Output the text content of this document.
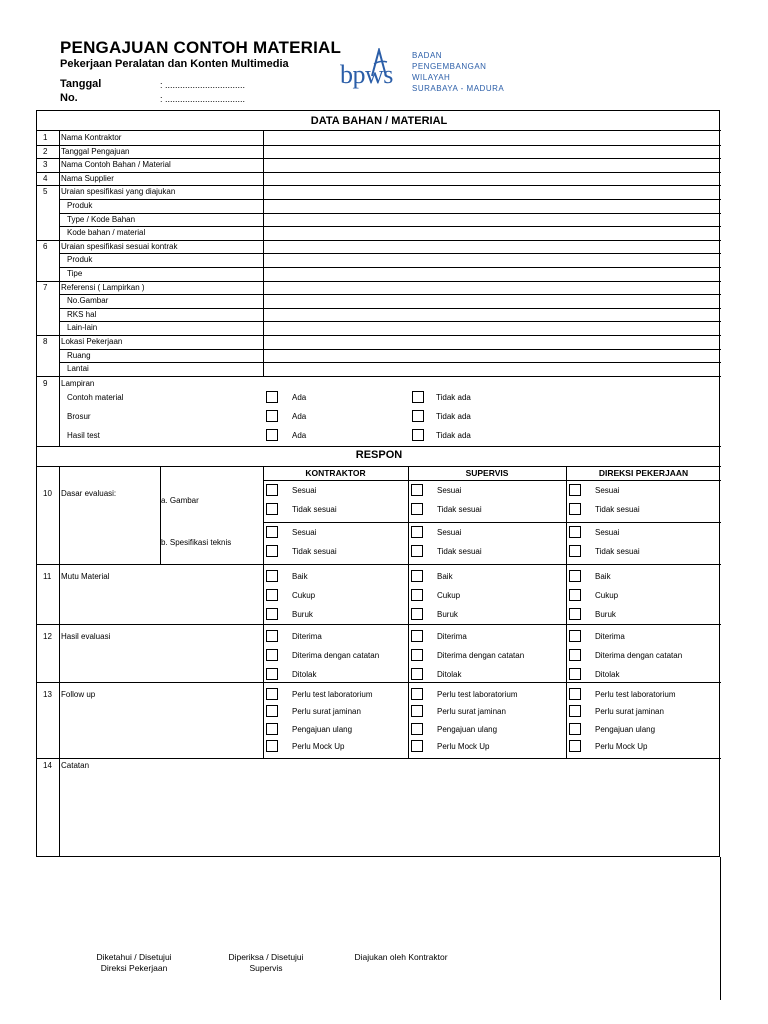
PENGAJUAN CONTOH MATERIAL
Pekerjaan Peralatan dan Konten Multimedia
Tanggal	: ................................
No.	: ................................
bpws
BADAN
PENGEMBANGAN
WILAYAH
SURABAYA - MADURA
DATA BAHAN / MATERIAL
1 Nama Kontraktor
2 Tanggal Pengajuan
3 Nama Contoh Bahan / Material
4 Nama Supplier
5 Uraian spesifikasi yang diajukan
Produk
Type / Kode Bahan
Kode bahan / material
6 Uraian spesifikasi sesuai kontrak
Produk
Tipe
7 Referensi ( Lampirkan )
No.Gambar
RKS hal
Lain-lain
8 Lokasi Pekerjaan
Ruang
Lantai
9 Lampiran
Contoh material	Ada	Tidak ada
Brosur	Ada	Tidak ada
Hasil test	Ada	Tidak ada
RESPON
KONTRAKTOR	SUPERVIS	DIREKSI PEKERJAAN
10 Dasar evaluasi:
a. Gambar
Sesuai	Sesuai	Sesuai
Tidak sesuai	Tidak sesuai	Tidak sesuai
b. Spesifikasi teknis
Sesuai	Sesuai	Sesuai
Tidak sesuai	Tidak sesuai	Tidak sesuai
11 Mutu Material	Baik	Baik	Baik
Cukup	Cukup	Cukup
Buruk	Buruk	Buruk
12 Hasil evaluasi	Diterima	Diterima	Diterima
Diterima dengan catatan	Diterima dengan catatan	Diterima dengan catatan
Ditolak	Ditolak	Ditolak
13 Follow up	Perlu test laboratorium	Perlu test laboratorium	Perlu test laboratorium
Perlu surat jaminan	Perlu surat jaminan	Perlu surat jaminan
Pengajuan ulang	Pengajuan ulang	Pengajuan ulang
Perlu Mock Up	Perlu Mock Up	Perlu Mock Up
14 Catatan
Diketahui / Disetujui
Direksi Pekerjaan
Diperiksa / Disetujui
Supervis
Diajukan oleh Kontraktor
